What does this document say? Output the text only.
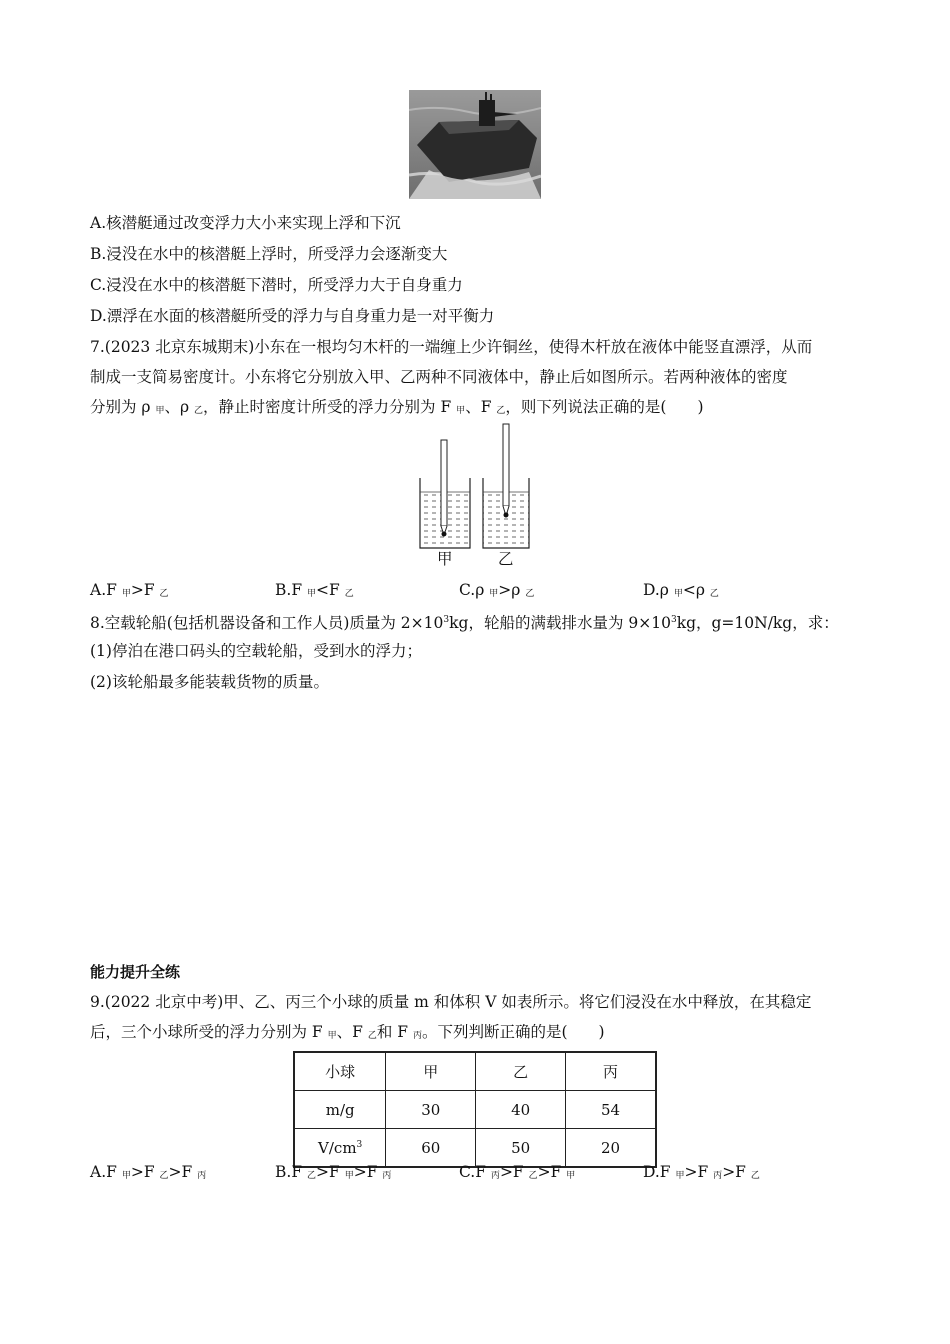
A.核潜艇通过改变浮力大小来实现上浮和下沉
B.浸没在水中的核潜艇上浮时，所受浮力会逐渐变大
C.浸没在水中的核潜艇下潜时，所受浮力大于自身重力
D.漂浮在水面的核潜艇所受的浮力与自身重力是一对平衡力
7.(2023 北京东城期末)小东在一根均匀木杆的一端缠上少许铜丝，使得木杆放在液体中能竖直漂浮，从而
制成一支简易密度计。小东将它分别放入甲、乙两种不同液体中，静止后如图所示。若两种液体的密度
分别为 ρ $_甲$、ρ $_乙$，静止时密度计所受的浮力分别为 F $_甲$、F $_乙$，则下列说法正确的是(　　)
甲	乙
A.F $_甲$>F $_乙$	B.F $_甲$<F $_乙$	C.ρ $_甲$>ρ $_乙$	D.ρ $_甲$<ρ $_乙$
8.空载轮船(包括机器设备和工作人员)质量为 $2\times 10^3kg$，轮船的满载排水量为 $9\times 10^3kg$，g=10N/kg，求：
(1)停泊在港口码头的空载轮船，受到水的浮力；
(2)该轮船最多能装载货物的质量。
能力提升全练
9.(2022 北京中考)甲、乙、丙三个小球的质量 m 和体积 V 如表所示。将它们浸没在水中释放，在其稳定
后，三个小球所受的浮力分别为 F $_甲$、F $_乙$和 F $_丙$。下列判断正确的是(　　)
小球	甲	乙	丙
m/g	30	40	54
$V/cm^3$	60	50	20
A.F $_甲$>F $_乙$>F $_丙$	B.F $_乙$>F $_甲$>F $_丙$	C.F $_丙$>F $_乙$>F $_甲$	D.F $_甲$>F $_丙$>F $_乙$
